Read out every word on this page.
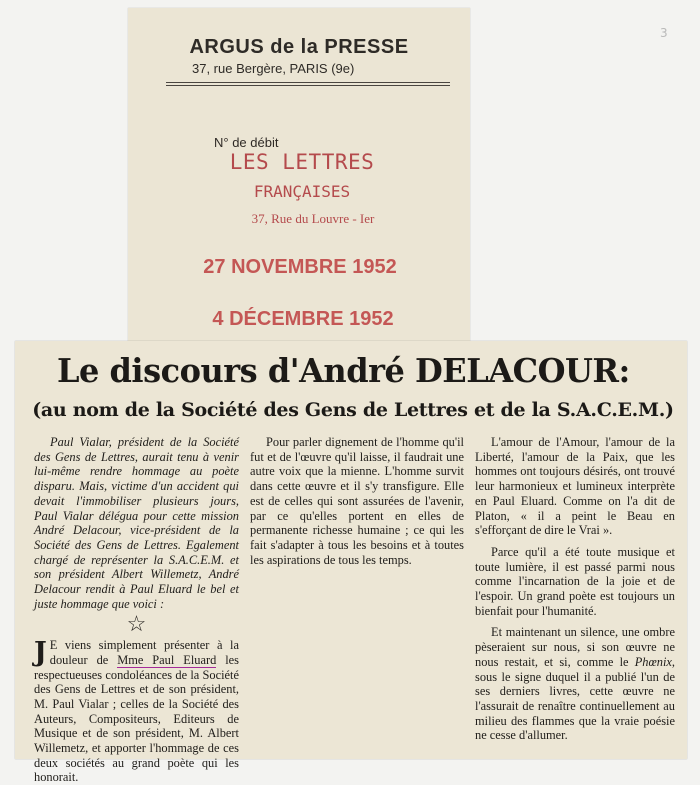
3
ARGUS de la PRESSE
37, rue Bergère, PARIS (9e)
N° de débit
LES LETTRES
FRANÇAISES
37, Rue du Louvre - Ier
27 NOVEMBRE 1952
4 DÉCEMBRE 1952
Le discours d'André DELACOUR:
(au nom de la Société des Gens de Lettres et de la S.A.C.E.M.)

Paul Vialar, président de la Société des Gens de Lettres, aurait tenu à venir lui-même rendre hommage au poète disparu. Mais, victime d'un accident qui devait l'immobiliser plusieurs jours, Paul Vialar délégua pour cette mission André Delacour, vice-président de la Société des Gens de Lettres. Egalement chargé de représenter la S.A.C.E.M. et son président Albert Willemetz, André Delacour rendit à Paul Eluard le bel et juste hommage que voici :

☆

J E viens simplement présenter à la douleur de Mme Paul Eluard les respectueuses condoléances de la Société des Gens de Lettres et de son président, M. Paul Vialar ; celles de la Société des Auteurs, Compositeurs, Editeurs de Musique et de son président, M. Albert Willemetz, et apporter l'hommage de ces deux sociétés au grand poète qui les honorait.

Pour parler dignement de l'homme qu'il fut et de l'œuvre qu'il laisse, il faudrait une autre voix que la mienne. L'homme survit dans cette œuvre et il s'y transfigure. Elle est de celles qui sont assurées de l'avenir, par ce qu'elles portent en elles de permanente richesse humaine ; ce qui les fait s'adapter à tous les besoins et à toutes les aspirations de tous les temps.

L'amour de l'Amour, l'amour de la Liberté, l'amour de la Paix, que les hommes ont toujours désirés, ont trouvé leur harmonieux et lumineux interprète en Paul Eluard. Comme on l'a dit de Platon, « il a peint le Beau en s'efforçant de dire le Vrai ».

Parce qu'il a été toute musique et toute lumière, il est passé parmi nous comme l'incarnation de la joie et de l'espoir. Un grand poète est toujours un bienfait pour l'humanité.

Et maintenant un silence, une ombre pèseraient sur nous, si son œuvre ne nous restait, et si, comme le Phœnix, sous le signe duquel il a publié l'un de ses derniers livres, cette œuvre ne l'assurait de renaître continuellement au milieu des flammes que la vraie poésie ne cesse d'allumer.
